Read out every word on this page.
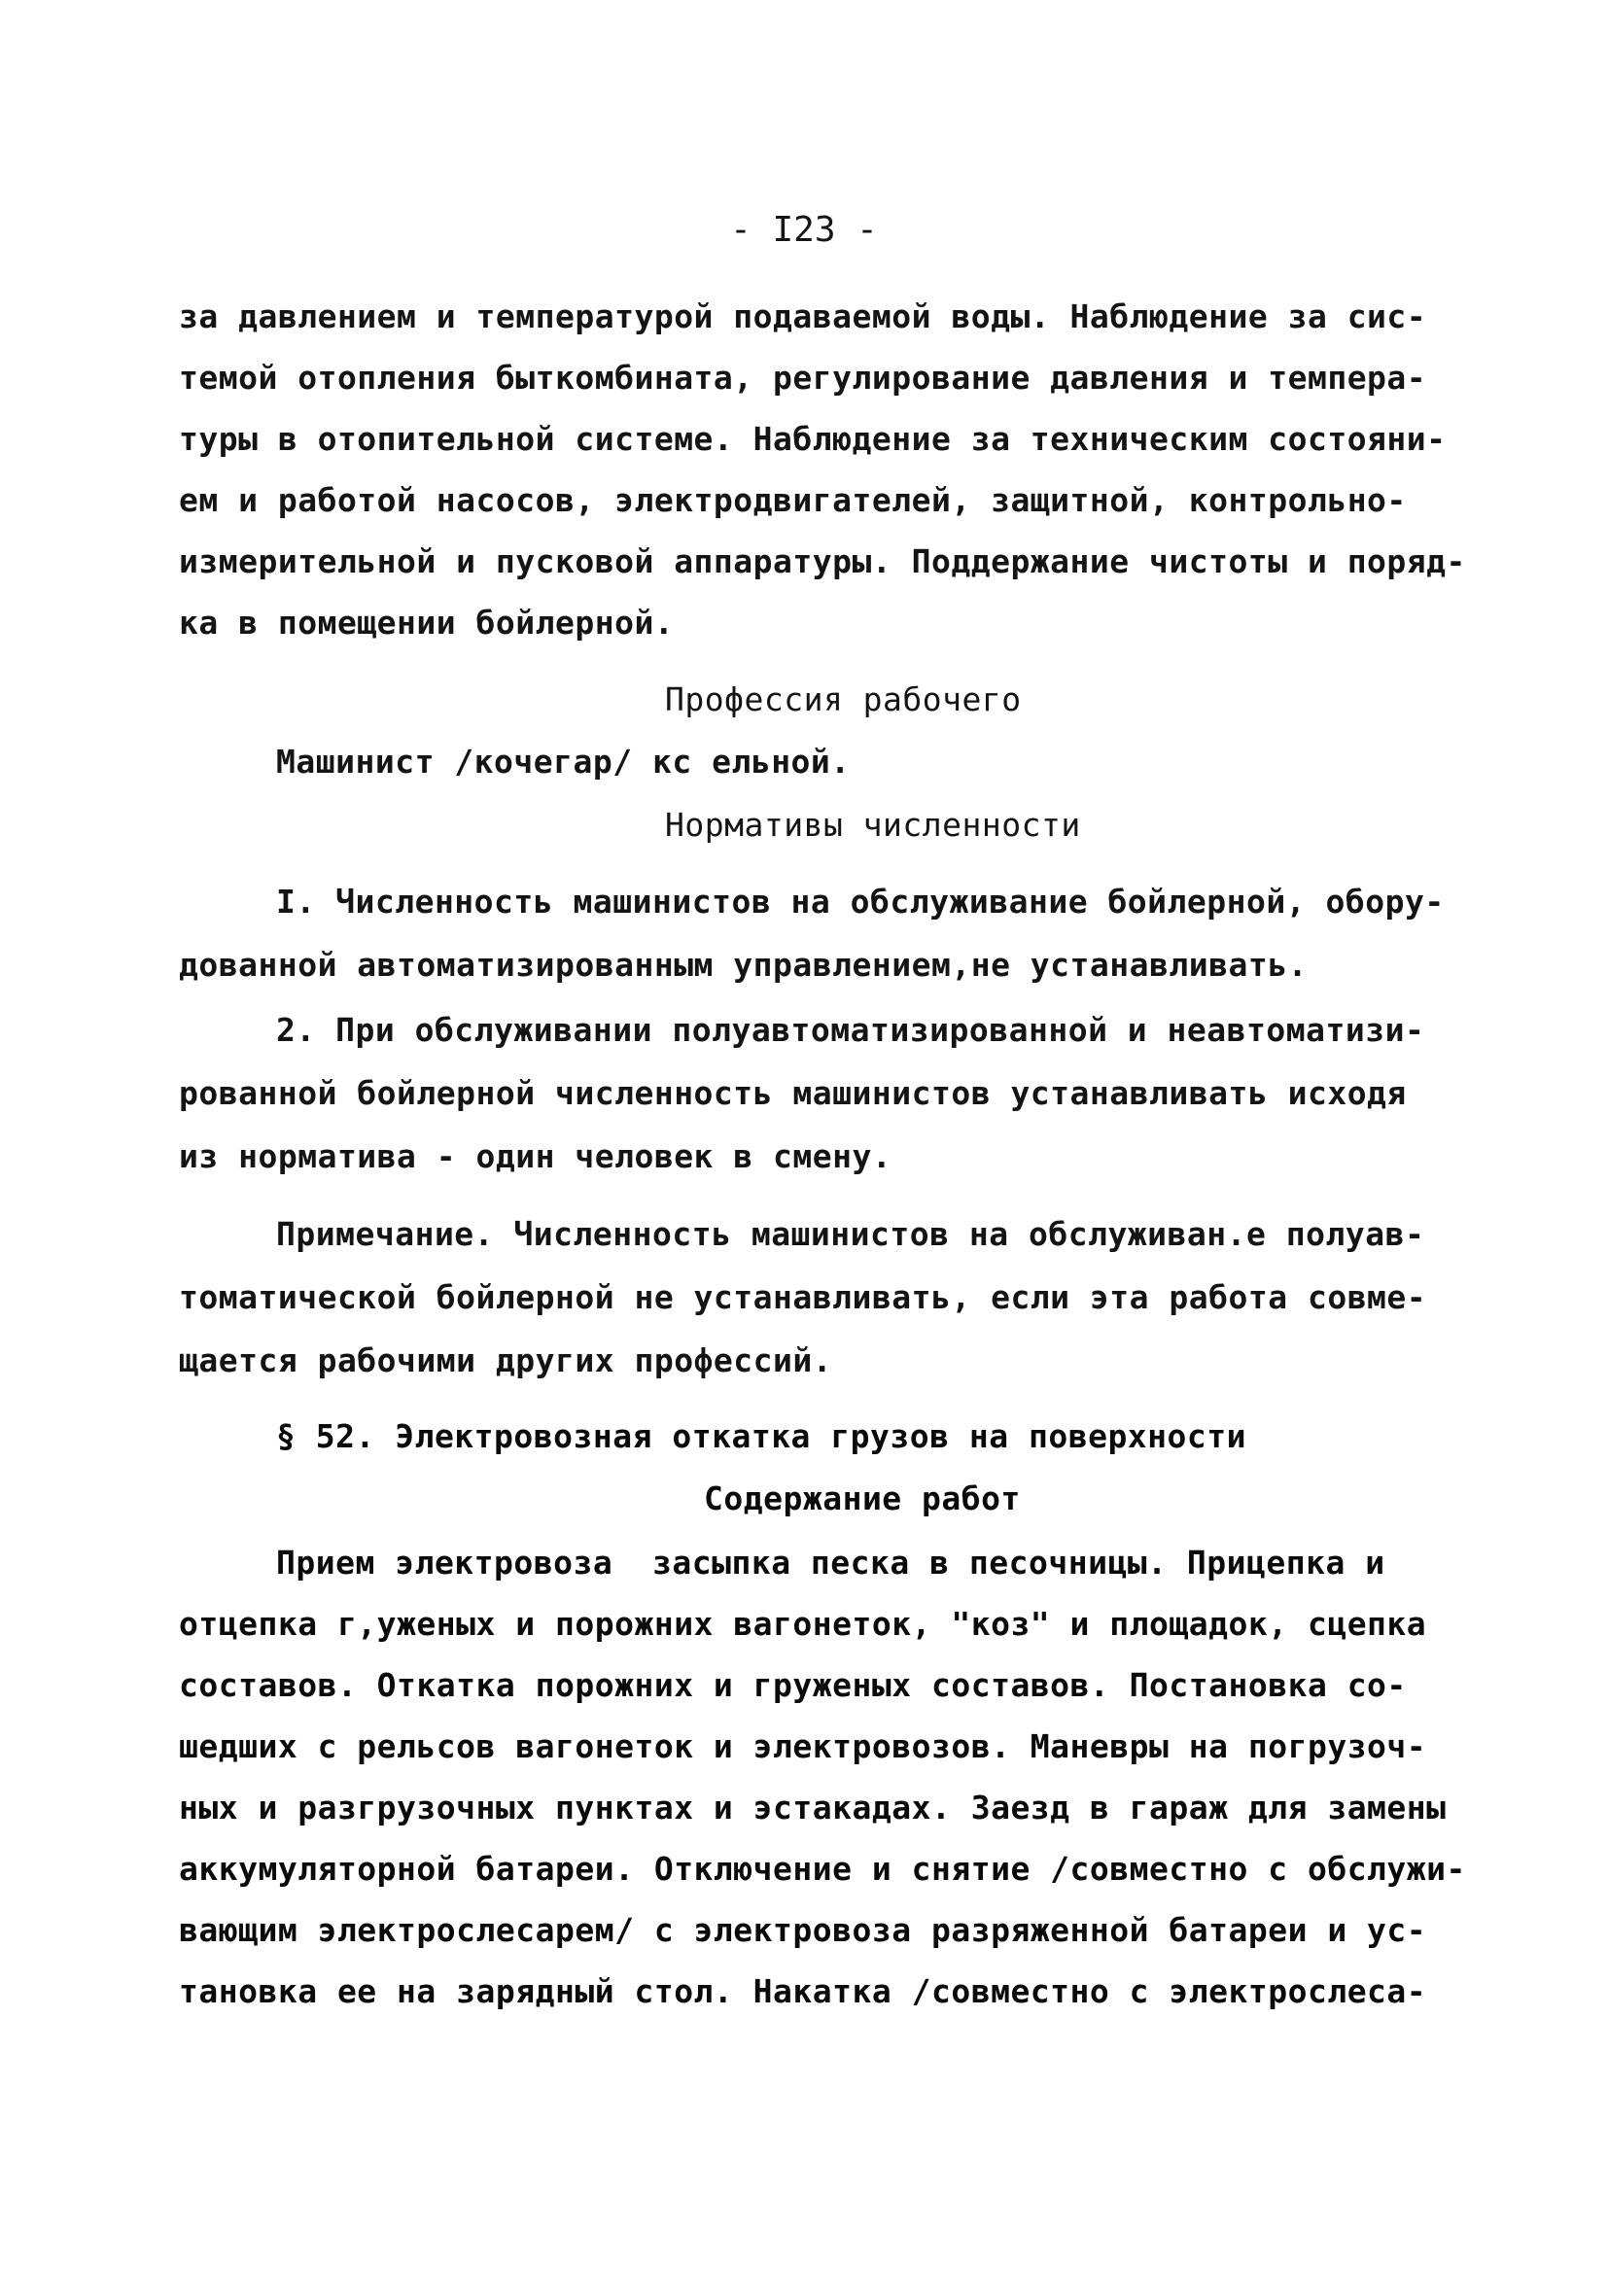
- I23 -
за давлением и температурой подаваемой воды. Наблюдение за сис-
темой отопления быткомбината, регулирование давления и темпера-
туры в отопительной системе. Наблюдение за техническим состояни-
ем и работой насосов, электродвигателей, защитной, контрольно-
измерительной и пусковой аппаратуры. Поддержание чистоты и поряд-
ка в помещении бойлерной.
Профессия рабочего
Машинист /кочегар/ кс ельной.
Нормативы численности
I. Численность машинистов на обслуживание бойлерной, обору-
дованной автоматизированным управлением,не устанавливать.
2. При обслуживании полуавтоматизированной и неавтоматизи-
рованной бойлерной численность машинистов устанавливать исходя
из норматива - один человек в смену.
Примечание. Численность машинистов на обслуживан.е полуав-
томатической бойлерной не устанавливать, если эта работа совме-
щается рабочими других профессий.
§ 52. Электровозная откатка грузов на поверхности
Содержание работ
Прием электровоза  засыпка песка в песочницы. Прицепка и
отцепка г,уженых и порожних вагонеток, "коз" и площадок, сцепка
составов. Откатка порожних и груженых составов. Постановка со-
шедших с рельсов вагонеток и электровозов. Маневры на погрузоч-
ных и разгрузочных пунктах и эстакадах. Заезд в гараж для замены
аккумуляторной батареи. Отключение и снятие /совместно с обслужи-
вающим электрослесарем/ с электровоза разряженной батареи и ус-
тановка ее на зарядный стол. Накатка /совместно с электрослеса-
